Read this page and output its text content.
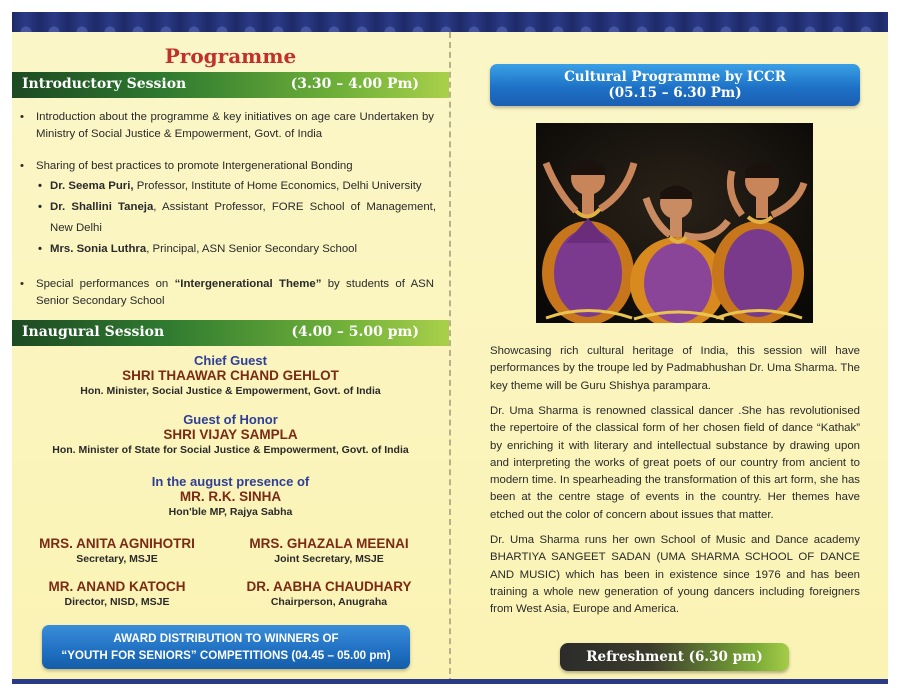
Programme
Introductory Session	(3.30 – 4.00 Pm)
• Introduction about the programme & key initiatives on age care Undertaken by Ministry of Social Justice & Empowerment, Govt. of India
• Sharing of best practices to promote Intergenerational Bonding
• Dr. Seema Puri, Professor, Institute of Home Economics, Delhi University
• Dr. Shallini Taneja, Assistant Professor, FORE School of Management, New Delhi
• Mrs. Sonia Luthra, Principal, ASN Senior Secondary School
• Special performances on “Intergenerational Theme” by students of ASN Senior Secondary School
Inaugural Session	(4.00 – 5.00 pm)
Chief Guest
SHRI THAAWAR CHAND GEHLOT
Hon. Minister, Social Justice & Empowerment, Govt. of India
Guest of Honor
SHRI VIJAY SAMPLA
Hon. Minister of State for Social Justice & Empowerment, Govt. of India
In the august presence of
MR. R.K. SINHA
Hon'ble MP, Rajya Sabha
MRS. ANITA AGNIHOTRI
Secretary, MSJE
MRS. GHAZALA MEENAI
Joint Secretary, MSJE
MR. ANAND KATOCH
Director, NISD, MSJE
DR. AABHA CHAUDHARY
Chairperson, Anugraha
AWARD DISTRIBUTION TO WINNERS OF
“YOUTH FOR SENIORS” COMPETITIONS (04.45 – 05.00 pm)
Cultural Programme by ICCR
(05.15 – 6.30 Pm)
Showcasing rich cultural heritage of India, this session will have performances by the troupe led by Padmabhushan Dr. Uma Sharma. The key theme will be Guru Shishya parampara.
Dr. Uma Sharma is renowned classical dancer .She has revolutionised the repertoire of the classical form of her chosen field of dance “Kathak” by enriching it with literary and intellectual substance by drawing upon and interpreting the works of great poets of our country from ancient to modern time. In spearheading the transformation of this art form, she has been at the centre stage of events in the country. Her themes have etched out the color of concern about issues that matter.
Dr. Uma Sharma runs her own School of Music and Dance academy BHARTIYA SANGEET SADAN (UMA SHARMA SCHOOL OF DANCE AND MUSIC) which has been in existence since 1976 and has been training a whole new generation of young dancers including foreigners from West Asia, Europe and America.
Refreshment (6.30 pm)
